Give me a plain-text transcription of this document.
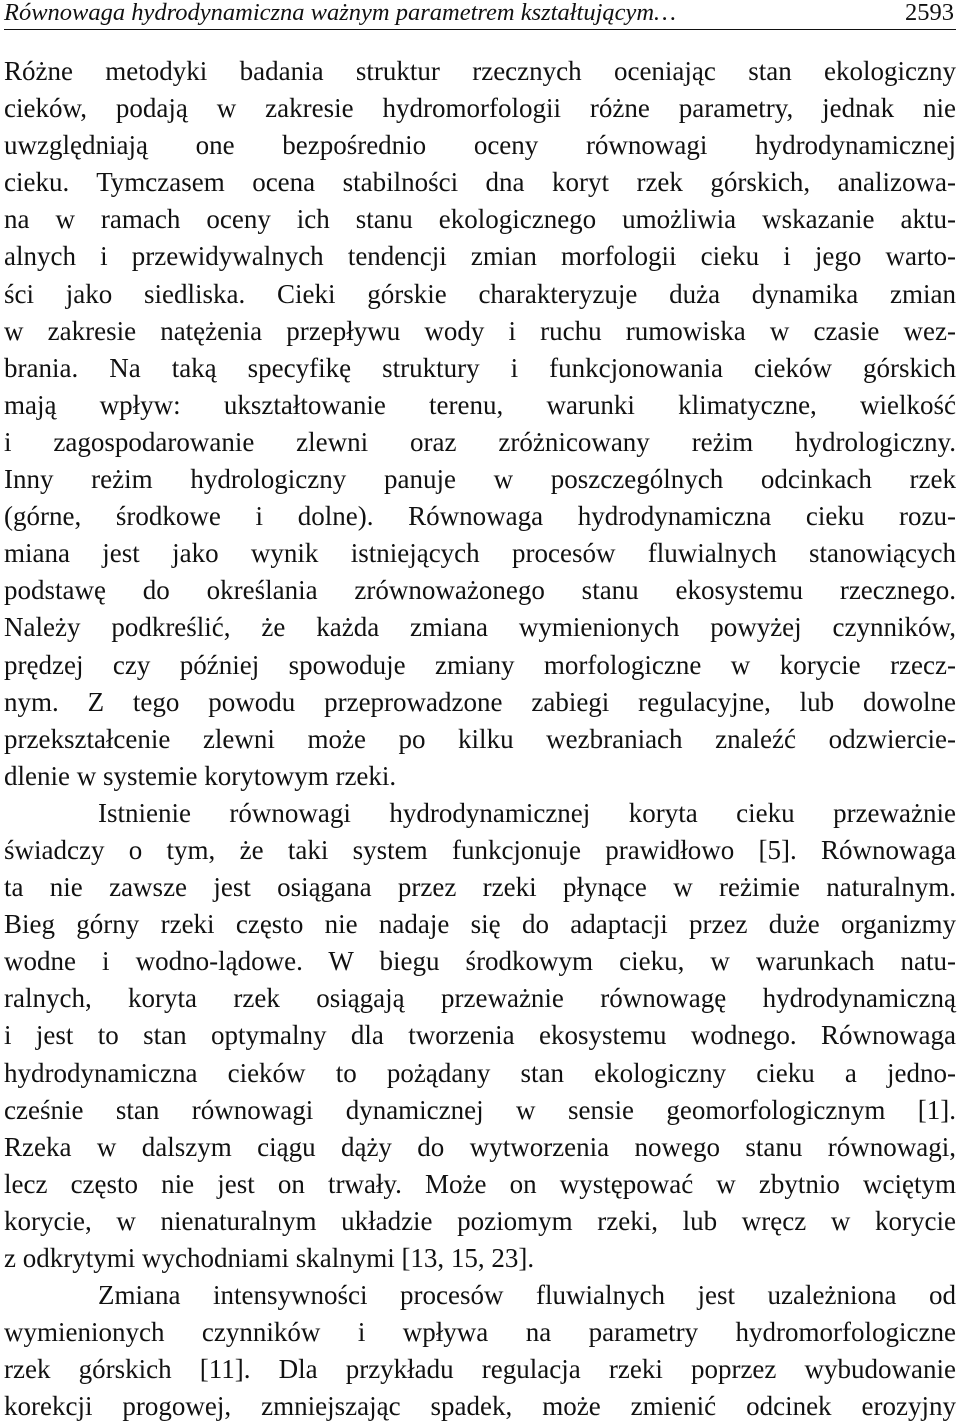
Równowaga hydrodynamiczna ważnym parametrem kształtującym…	2593
Różne metodyki badania struktur rzecznych oceniając stan ekologiczny
cieków, podają w zakresie hydromorfologii różne parametry, jednak nie
uwzględniają one bezpośrednio oceny równowagi hydrodynamicznej
cieku. Tymczasem ocena stabilności dna koryt rzek górskich, analizowa-
na w ramach oceny ich stanu ekologicznego umożliwia wskazanie aktu-
alnych i przewidywalnych tendencji zmian morfologii cieku i jego warto-
ści jako siedliska. Cieki górskie charakteryzuje duża dynamika zmian
w zakresie natężenia przepływu wody i ruchu rumowiska w czasie wez-
brania. Na taką specyfikę struktury i funkcjonowania cieków górskich
mają wpływ: ukształtowanie terenu, warunki klimatyczne, wielkość
i zagospodarowanie zlewni oraz zróżnicowany reżim hydrologiczny.
Inny reżim hydrologiczny panuje w poszczególnych odcinkach rzek
(górne, środkowe i dolne). Równowaga hydrodynamiczna cieku rozu-
miana jest jako wynik istniejących procesów fluwialnych stanowiących
podstawę do określania zrównoważonego stanu ekosystemu rzecznego.
Należy podkreślić, że każda zmiana wymienionych powyżej czynników,
prędzej czy później spowoduje zmiany morfologiczne w korycie rzecz-
nym. Z tego powodu przeprowadzone zabiegi regulacyjne, lub dowolne
przekształcenie zlewni może po kilku wezbraniach znaleźć odzwiercie-
dlenie w systemie korytowym rzeki.
Istnienie równowagi hydrodynamicznej koryta cieku przeważnie
świadczy o tym, że taki system funkcjonuje prawidłowo [5]. Równowaga
ta nie zawsze jest osiągana przez rzeki płynące w reżimie naturalnym.
Bieg górny rzeki często nie nadaje się do adaptacji przez duże organizmy
wodne i wodno-lądowe. W biegu środkowym cieku, w warunkach natu-
ralnych, koryta rzek osiągają przeważnie równowagę hydrodynamiczną
i jest to stan optymalny dla tworzenia ekosystemu wodnego. Równowaga
hydrodynamiczna cieków to pożądany stan ekologiczny cieku a jedno-
cześnie stan równowagi dynamicznej w sensie geomorfologicznym [1].
Rzeka w dalszym ciągu dąży do wytworzenia nowego stanu równowagi,
lecz często nie jest on trwały. Może on występować w zbytnio wciętym
korycie, w nienaturalnym układzie poziomym rzeki, lub wręcz w korycie
z odkrytymi wychodniami skalnymi [13, 15, 23].
Zmiana intensywności procesów fluwialnych jest uzależniona od
wymienionych czynników i wpływa na parametry hydromorfologiczne
rzek górskich [11]. Dla przykładu regulacja rzeki poprzez wybudowanie
korekcji progowej, zmniejszając spadek, może zmienić odcinek erozyjny
